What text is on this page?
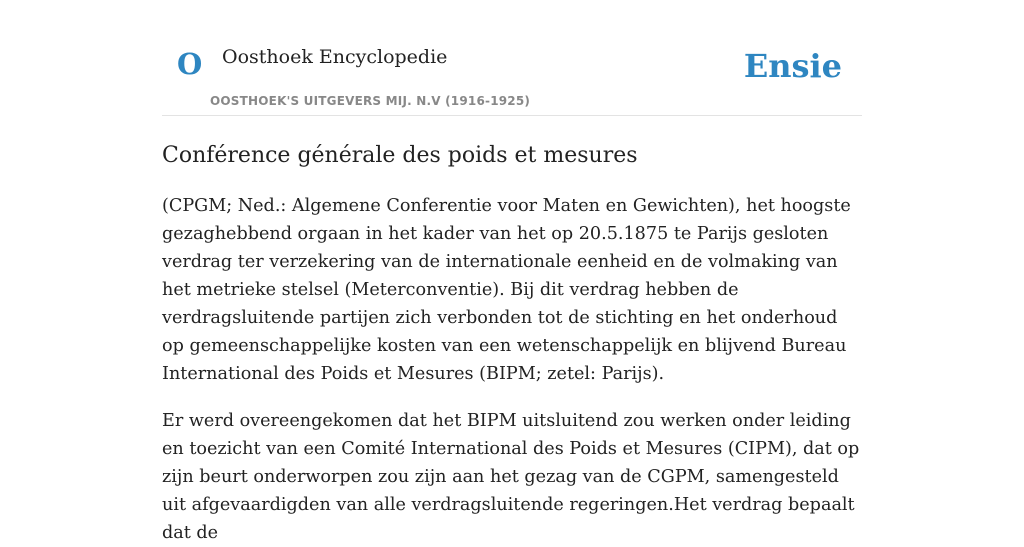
O Oosthoek Encyclopedie
OOSTHOEK'S UITGEVERS MIJ. N.V (1916-1925)
Ensie
Conférence générale des poids et mesures

(CPGM; Ned.: Algemene Conferentie voor Maten en Gewichten), het hoogste gezaghebbend orgaan in het kader van het op 20.5.1875 te Parijs gesloten verdrag ter verzekering van de internationale eenheid en de volmaking van het metrieke stelsel (Meterconventie). Bij dit verdrag hebben de verdragsluitende partijen zich verbonden tot de stichting en het onderhoud op gemeenschappelijke kosten van een wetenschappelijk en blijvend Bureau International des Poids et Mesures (BIPM; zetel: Parijs).

Er werd overeengekomen dat het BIPM uitsluitend zou werken onder leiding en toezicht van een Comité International des Poids et Mesures (CIPM), dat op zijn beurt onderworpen zou zijn aan het gezag van de CGPM, samengesteld uit afgevaardigden van alle verdragsluitende regeringen.Het verdrag bepaalt dat de
